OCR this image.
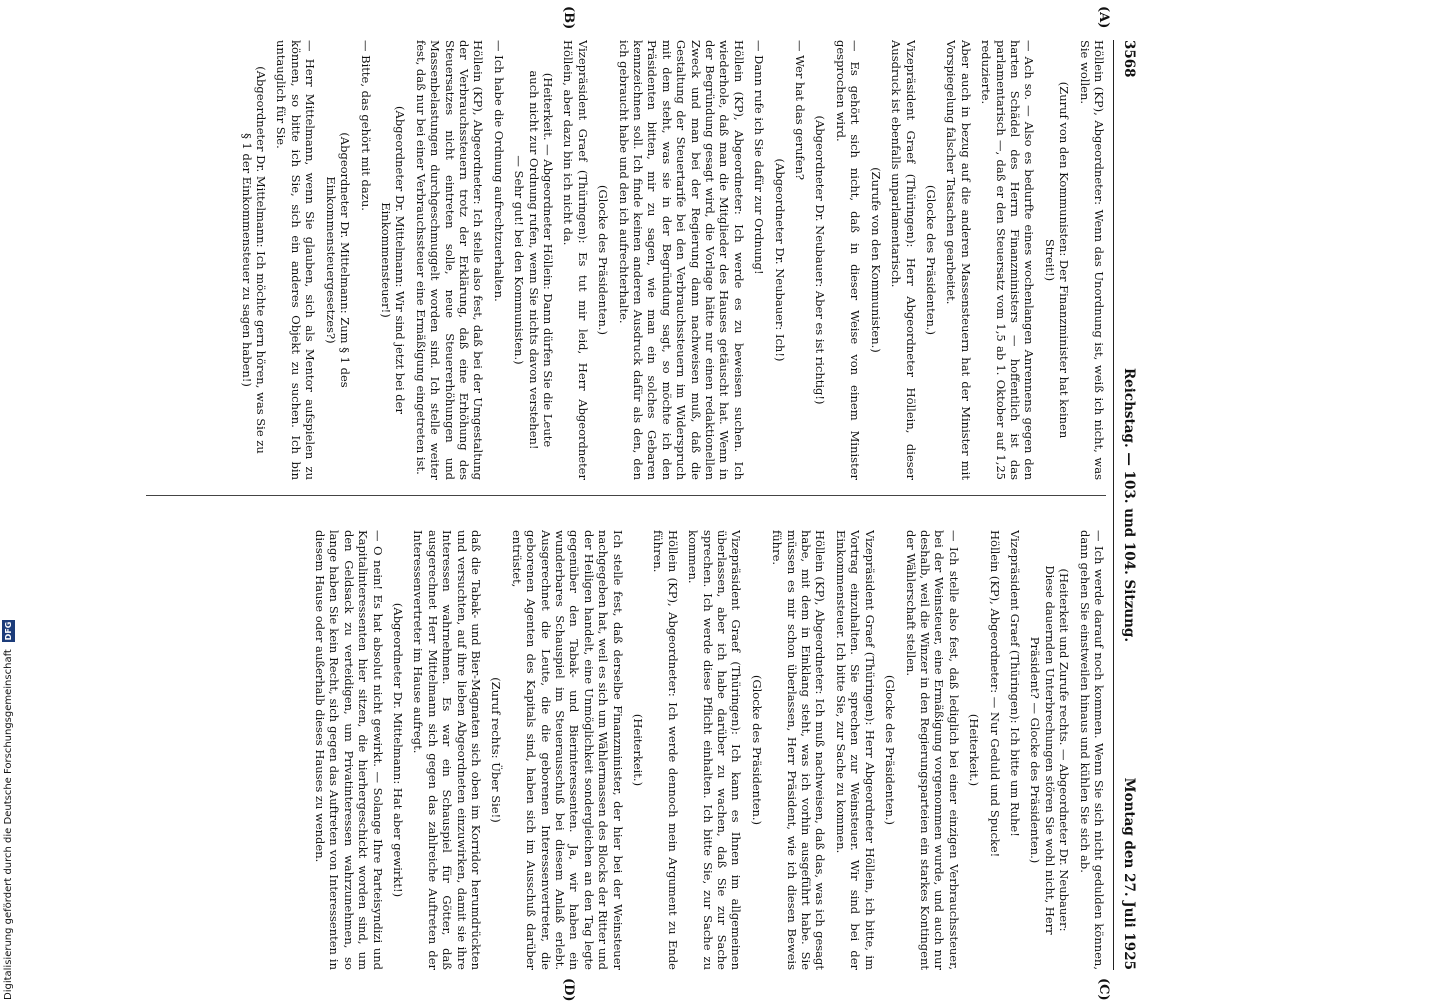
3568
Reichstag. — 103. und 104. Sitzung.
Montag den 27. Juli 1925
(A)
(B)
(C)
(D)

Höllein (KP), Abgeordneter: Wenn das Unordnung ist, weiß ich nicht, was Sie wollen.

(Zuruf von den Kommunisten: Der Finanzminister hat keinen Streit!)

— Ach so. — Also es bedurfte eines wochenlangen Anrennens gegen den harten Schädel des Herrn Finanzministers — hoffentlich ist das parlamentarisch —, daß er den Steuersatz vom 1,5 ab 1. Oktober auf 1,25 reduzierte.

Aber auch in bezug auf die anderen Massensteuern hat der Minister mit Vorspiegelung falscher Tatsachen gearbeitet.

(Glocke des Präsidenten.)

Vizepräsident Graef (Thüringen): Herr Abgeordneter Höllein, dieser Ausdruck ist ebenfalls unparlamentarisch.

(Zurufe von den Kommunisten.)

— Es gehört sich nicht, daß in dieser Weise von einem Minister gesprochen wird.

(Abgeordneter Dr. Neubauer: Aber es ist richtig!)

— Wer hat das gerufen?

(Abgeordneter Dr. Neubauer: Ich!)

— Dann rufe ich Sie dafür zur Ordnung!

Höllein (KP), Abgeordneter: Ich werde es zu beweisen suchen. Ich wiederhole, daß man die Mitglieder des Hauses getäuscht hat. Wenn in der Begründung gesagt wird, die Vorlage hätte nur einen redaktionellen Zweck und man bei der Regierung dann nachweisen muß, daß die Gestaltung der Steuertarife bei den Verbrauchssteuern im Widerspruch mit dem steht, was sie in der Begründung sagt, so möchte ich den Präsidenten bitten, mir zu sagen, wie man ein solches Gebaren kennzeichnen soll. Ich finde keinen anderen Ausdruck dafür als den, den ich gebraucht habe und den ich aufrechterhalte.

(Glocke des Präsidenten.)

Vizepräsident Graef (Thüringen): Es tut mir leid, Herr Abgeordneter Höllein, aber dazu bin ich nicht da.

(Heiterkeit. — Abgeordneter Höllein: Dann dürfen Sie die Leute auch nicht zur Ordnung rufen, wenn Sie nichts davon verstehen! — Sehr gut! bei den Kommunisten.)

— Ich habe die Ordnung aufrechtzuerhalten.

Höllein (KP), Abgeordneter: Ich stelle also fest, daß bei der Umgestaltung der Verbrauchssteuern trotz der Erklärung, daß eine Erhöhung des Steuersatzes nicht eintreten solle, neue Steuererhöhungen und Massenbelastungen durchgeschmuggelt worden sind. Ich stelle weiter fest, daß nur bei einer Verbrauchssteuer eine Ermäßigung eingetreten ist.

(Abgeordneter Dr. Mittelmann: Wir sind jetzt bei der Einkommensteuer!)

— Bitte, das gehört mit dazu.

(Abgeordneter Dr. Mittelmann: Zum § 1 des Einkommensteuergesetzes?)

— Herr Mittelmann, wenn Sie glauben, sich als Mentor aufspielen zu können, so bitte ich Sie, sich ein anderes Objekt zu suchen. Ich bin untauglich für Sie.

(Abgeordneter Dr. Mittelmann: Ich möchte gern hören, was Sie zu § 1 der Einkommensteuer zu sagen haben!)

— Ich werde darauf noch kommen. Wenn Sie sich nicht gedulden können, dann gehen Sie einstweilen hinaus und kühlen Sie sich ab.

(Heiterkeit und Zurufe rechts. — Abgeordneter Dr. Neubauer: Diese dauernden Unterbrechungen stören Sie wohl nicht, Herr Präsident? — Glocke des Präsidenten.)

Vizepräsident Graef (Thüringen): Ich bitte um Ruhe!

Höllein (KP), Abgeordneter: — Nur Geduld und Spucke!

(Heiterkeit.)

— Ich stelle also fest, daß lediglich bei einer einzigen Verbrauchssteuer, bei der Weinsteuer, eine Ermäßigung vorgenommen wurde, und auch nur deshalb, weil die Winzer in den Regierungsparteien ein starkes Kontingent der Wählerschaft stellen.

(Glocke des Präsidenten.)

Vizepräsident Graef (Thüringen): Herr Abgeordneter Höllein, ich bitte, im Vortrag einzuhalten. Sie sprechen zur Weinsteuer. Wir sind bei der Einkommensteuer. Ich bitte Sie, zur Sache zu kommen.

Höllein (KP), Abgeordneter: Ich muß nachweisen, daß das, was ich gesagt habe, mit dem in Einklang steht, was ich vorhin ausgeführt habe. Sie müssen es mir schon überlassen, Herr Präsident, wie ich diesen Beweis führe.

(Glocke des Präsidenten.)

Vizepräsident Graef (Thüringen): Ich kann es Ihnen im allgemeinen überlassen, aber ich habe darüber zu wachen, daß Sie zur Sache sprechen. Ich werde diese Pflicht einhalten. Ich bitte Sie, zur Sache zu kommen.

Höllein (KP), Abgeordneter: Ich werde dennoch mein Argument zu Ende führen.

(Heiterkeit.)

Ich stelle fest, daß derselbe Finanzminister, der hier bei der Weinsteuer nachgegeben hat, weil es sich um Wählermassen des Blocks der Ritter und der Heiligen handelt, eine Unmöglichkeit sondergleichen an den Tag legte gegenüber den Tabak- und Bierinteressenten. Ja, wir haben ein wunderbares Schauspiel im Steuerausschuß bei diesem Anlaß erlebt. Ausgerechnet die Leute, die die geborenen Interessenvertreter, die geborenen Agenten des Kapitals sind, haben sich im Ausschuß darüber entrüstet,

(Zuruf rechts: Über Sie!)

daß die Tabak- und Bier-Magnaten sich oben im Korridor herumdrückten und versuchten, auf ihre lieben Abgeordneten einzuwirken, damit sie ihre Interessen wahrnehmen. Es war ein Schauspiel für Götter, daß ausgerechnet Herr Mittelmann sich gegen das zahlreiche Auftreten der Interessenvertreter im Hause aufregt.

(Abgeordneter Dr. Mittelmann: Hat aber gewirkt!)

— O nein! Es hat absolut nicht gewirkt. — Solange Ihre Parteisyndizi und Kapitalinteressenten hier sitzen, die hierhergeschickt worden sind, um den Geldsack zu verteidigen, um Privatinteressen wahrzunehmen, so lange haben Sie kein Recht, sich gegen das Auftreten von Interessenten in diesem Hause oder außerhalb dieses Hauses zu wenden.

Digitalisierung gefördert durch die Deutsche Forschungsgemeinschaft DFG
